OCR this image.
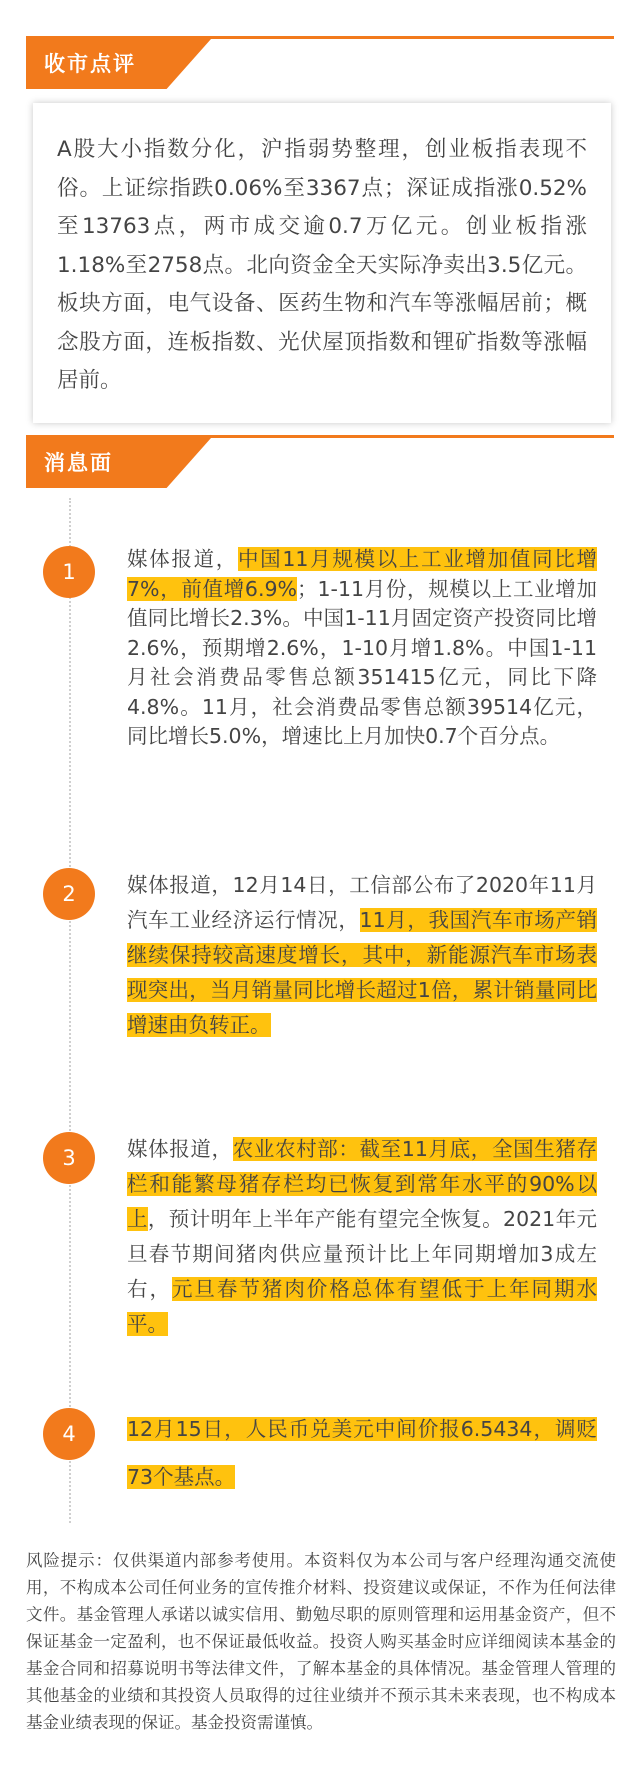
收市点评
A股大小指数分化，沪指弱势整理，创业板指表现不俗。上证综指跌0.06%至3367点；深证成指涨0.52%至13763点，两市成交逾0.7万亿元。创业板指涨1.18%至2758点。北向资金全天实际净卖出3.5亿元。板块方面，电气设备、医药生物和汽车等涨幅居前；概念股方面，连板指数、光伏屋顶指数和锂矿指数等涨幅居前。
消息面
1
媒体报道，中国11月规模以上工业增加值同比增7%，前值增6.9%；1-11月份，规模以上工业增加值同比增长2.3%。中国1-11月固定资产投资同比增2.6%，预期增2.6%，1-10月增1.8%。中国1-11月社会消费品零售总额351415亿元，同比下降4.8%。11月，社会消费品零售总额39514亿元，同比增长5.0%，增速比上月加快0.7个百分点。
2	媒体报道，12月14日，工信部公布了2020年11月汽车工业经济运行情况，11月，我国汽车市场产销继续保持较高速度增长，其中，新能源汽车市场表现突出，当月销量同比增长超过1倍，累计销量同比增速由负转正。
3	媒体报道，农业农村部：截至11月底，全国生猪存栏和能繁母猪存栏均已恢复到常年水平的90%以上，预计明年上半年产能有望完全恢复。2021年元旦春节期间猪肉供应量预计比上年同期增加3成左右，元旦春节猪肉价格总体有望低于上年同期水平。
4	12月15日，人民币兑美元中间价报6.5434，调贬73个基点。
风险提示：仅供渠道内部参考使用。本资料仅为本公司与客户经理沟通交流使用，不构成本公司任何业务的宣传推介材料、投资建议或保证，不作为任何法律文件。基金管理人承诺以诚实信用、勤勉尽职的原则管理和运用基金资产，但不保证基金一定盈利，也不保证最低收益。投资人购买基金时应详细阅读本基金的基金合同和招募说明书等法律文件，了解本基金的具体情况。基金管理人管理的其他基金的业绩和其投资人员取得的过往业绩并不预示其未来表现，也不构成本基金业绩表现的保证。基金投资需谨慎。
